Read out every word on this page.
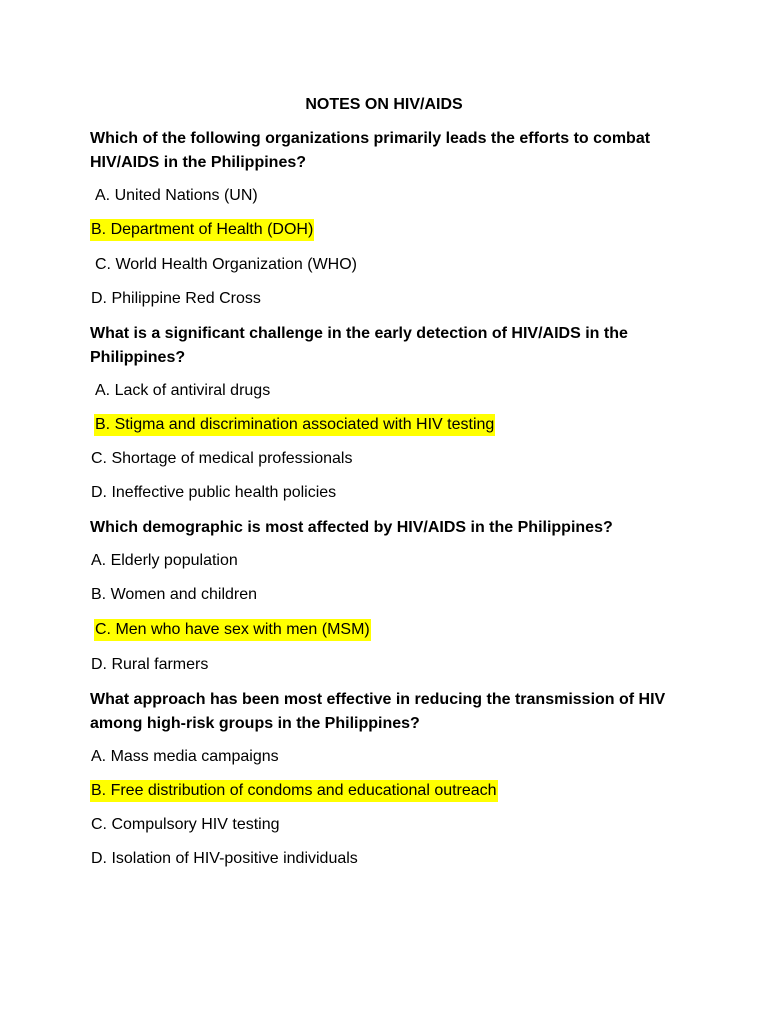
NOTES ON HIV/AIDS
Which of the following organizations primarily leads the efforts to combat HIV/AIDS in the Philippines?
A. United Nations (UN)
B. Department of Health (DOH)
C. World Health Organization (WHO)
D. Philippine Red Cross
What is a significant challenge in the early detection of HIV/AIDS in the Philippines?
A. Lack of antiviral drugs
B. Stigma and discrimination associated with HIV testing
C. Shortage of medical professionals
D. Ineffective public health policies
Which demographic is most affected by HIV/AIDS in the Philippines?
A. Elderly population
B. Women and children
C. Men who have sex with men (MSM)
D. Rural farmers
What approach has been most effective in reducing the transmission of HIV among high-risk groups in the Philippines?
A. Mass media campaigns
B. Free distribution of condoms and educational outreach
C. Compulsory HIV testing
D. Isolation of HIV-positive individuals
